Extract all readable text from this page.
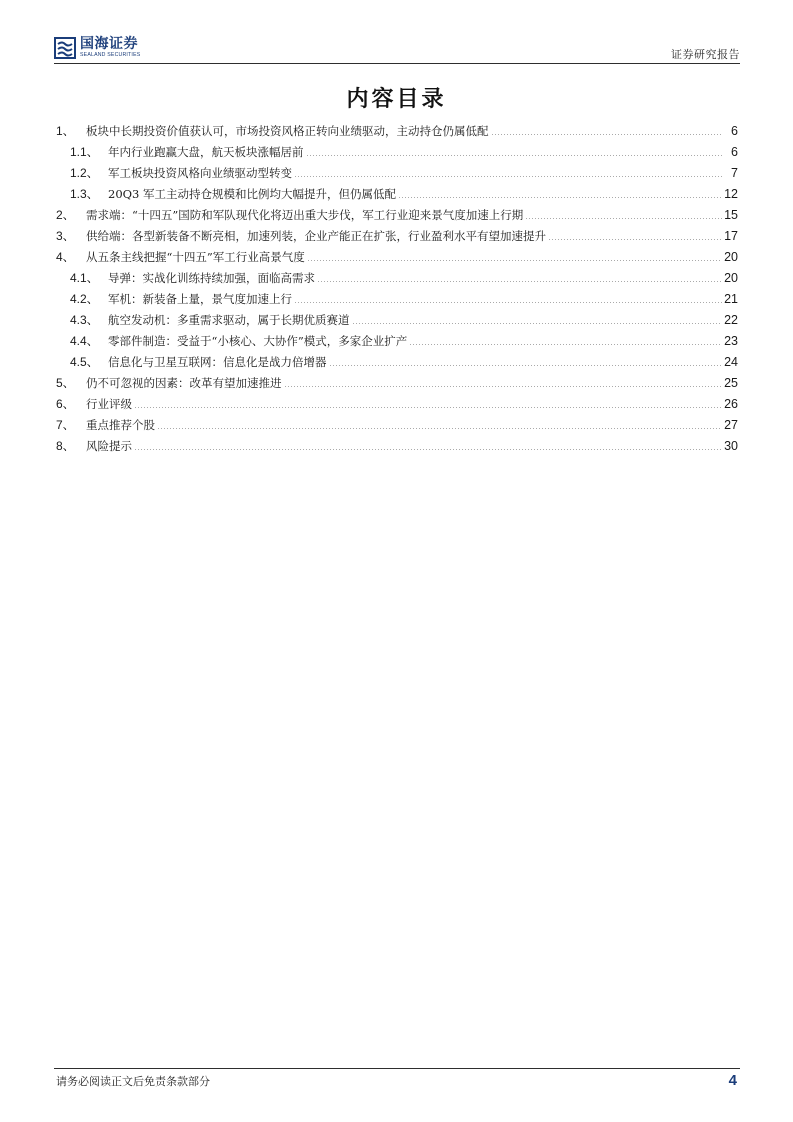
国海证券
SEALAND SECURITIES	证券研究报告
内容目录
1、 板块中长期投资价值获认可，市场投资风格正转向业绩驱动，主动持仓仍属低配	6
1.1、 年内行业跑赢大盘，航天板块涨幅居前	6
1.2、 军工板块投资风格向业绩驱动型转变	7
1.3、 20Q3 军工主动持仓规模和比例均大幅提升，但仍属低配	12
2、 需求端：“十四五”国防和军队现代化将迈出重大步伐，军工行业迎来景气度加速上行期	15
3、 供给端：各型新装备不断亮相，加速列装，企业产能正在扩张，行业盈利水平有望加速提升	17
4、 从五条主线把握“十四五”军工行业高景气度	20
4.1、 导弹：实战化训练持续加强，面临高需求	20
4.2、 军机：新装备上量，景气度加速上行	21
4.3、 航空发动机：多重需求驱动，属于长期优质赛道	22
4.4、 零部件制造：受益于“小核心、大协作”模式，多家企业扩产	23
4.5、 信息化与卫星互联网：信息化是战力倍增器	24
5、 仍不可忽视的因素：改革有望加速推进	25
6、 行业评级	26
7、 重点推荐个股	27
8、 风险提示	30
请务必阅读正文后免责条款部分	4
